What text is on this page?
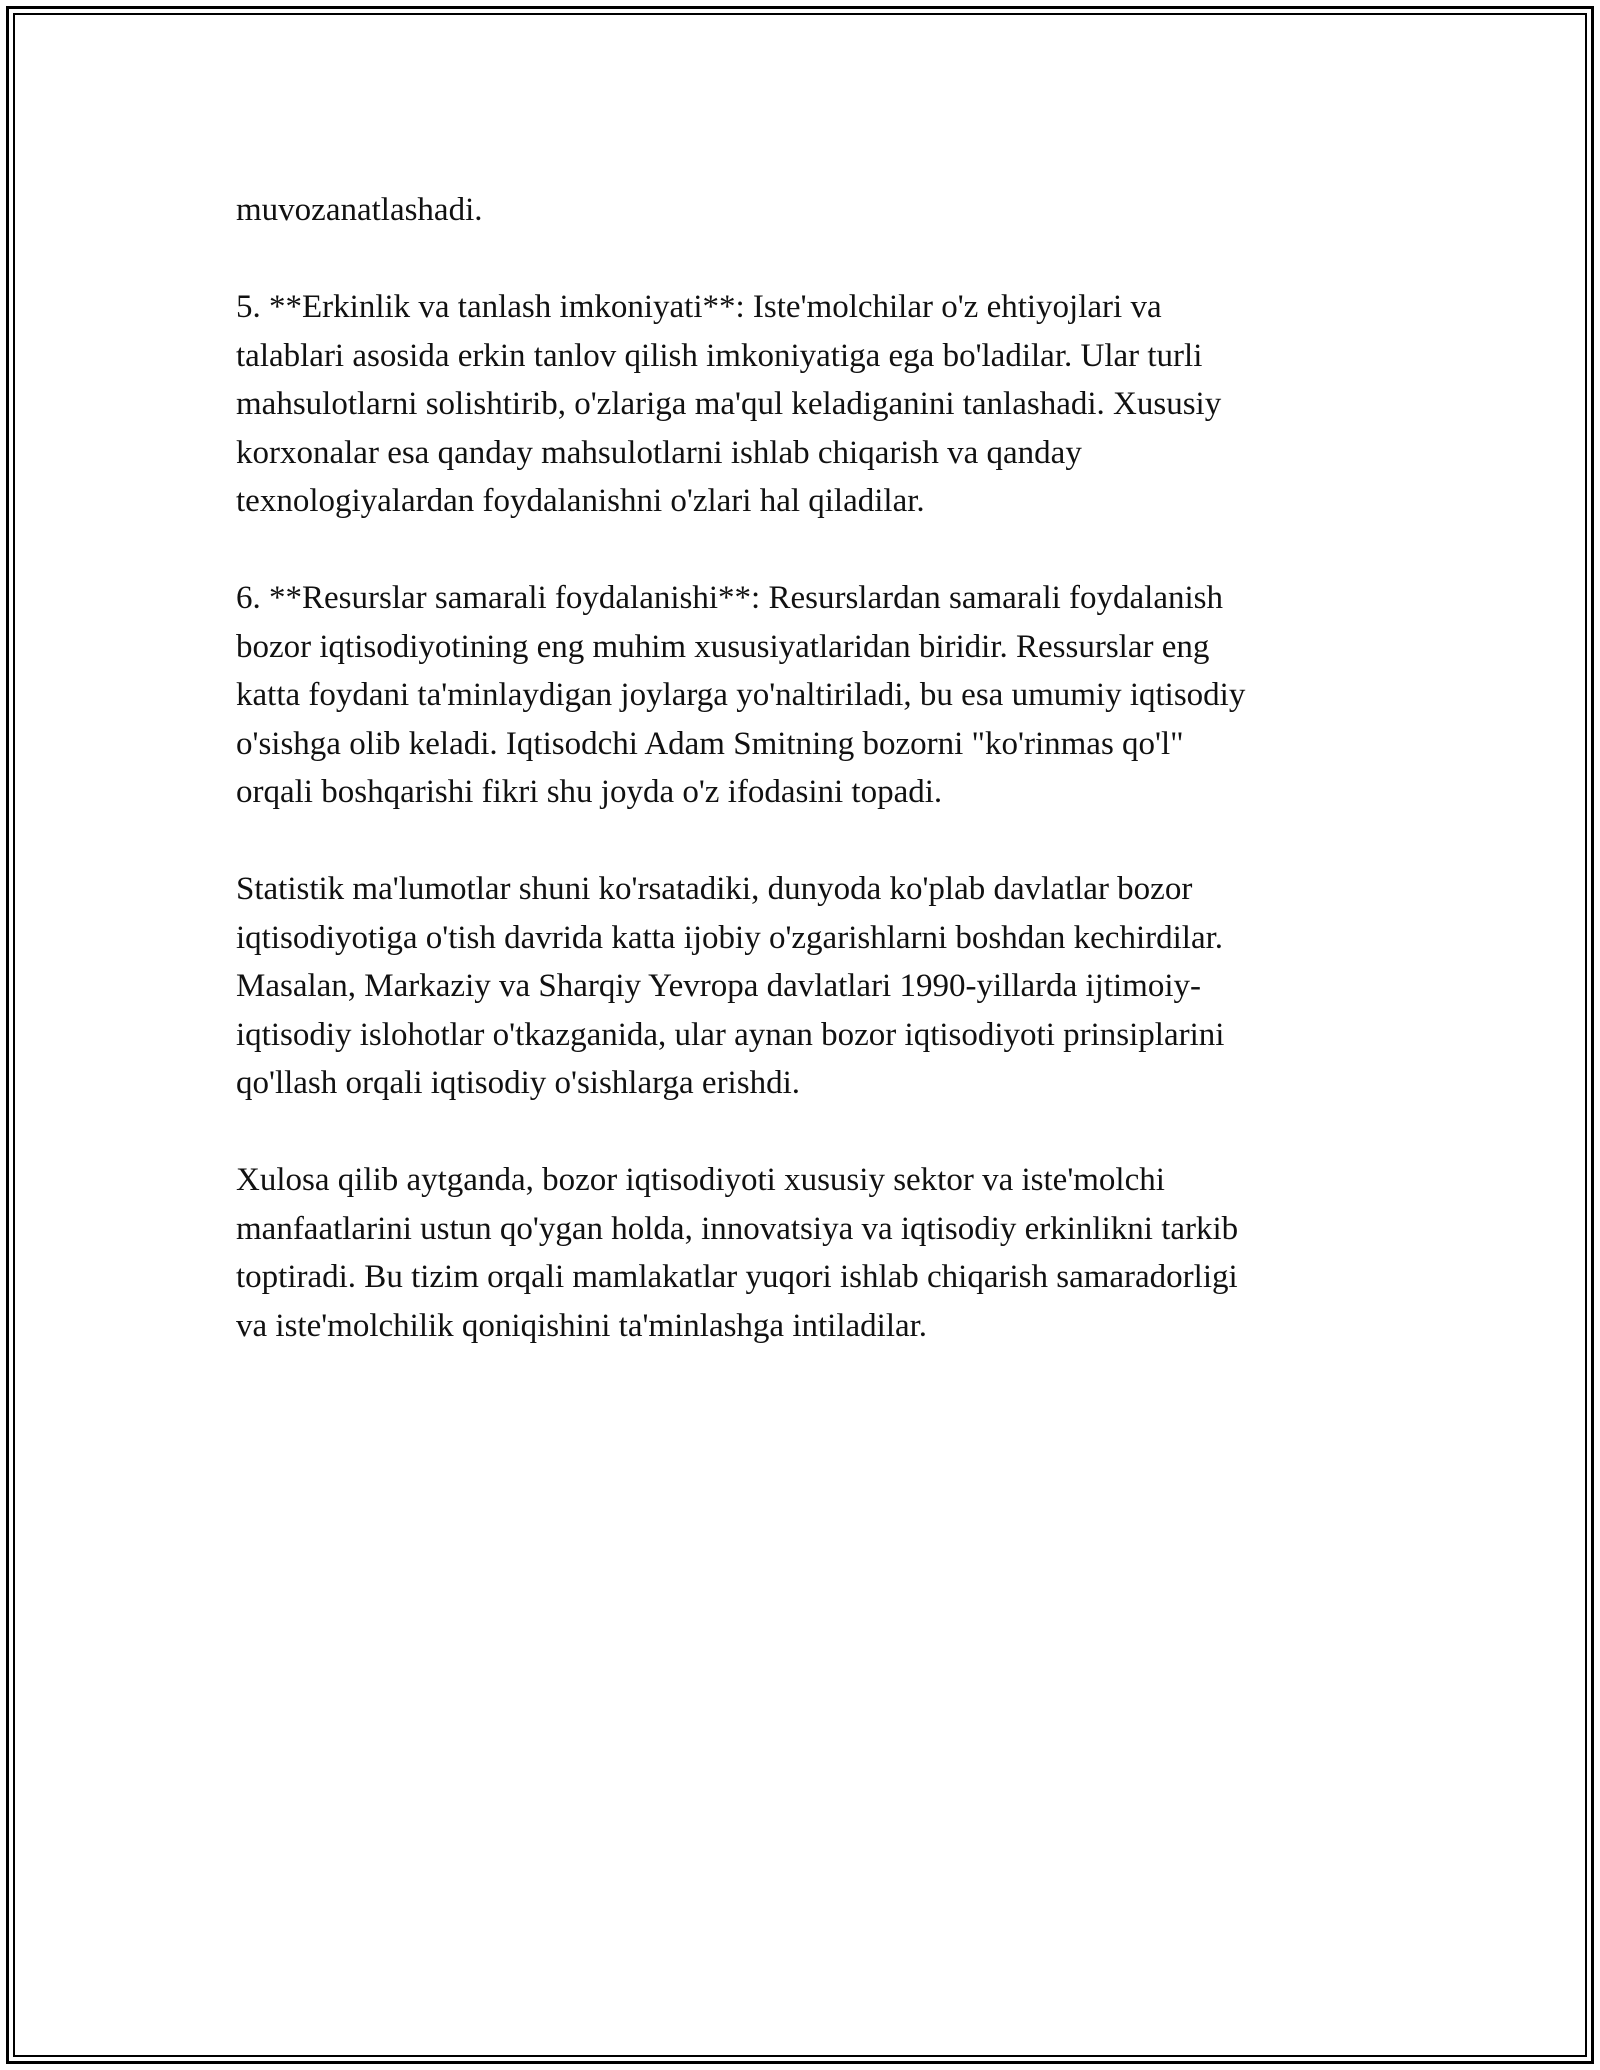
muvozanatlashadi.

5. **Erkinlik va tanlash imkoniyati**: Iste'molchilar o'z ehtiyojlari va
talablari asosida erkin tanlov qilish imkoniyatiga ega bo'ladilar. Ular turli
mahsulotlarni solishtirib, o'zlariga ma'qul keladiganini tanlashadi. Xususiy
korxonalar esa qanday mahsulotlarni ishlab chiqarish va qanday
texnologiyalardan foydalanishni o'zlari hal qiladilar.

6. **Resurslar samarali foydalanishi**: Resurslardan samarali foydalanish
bozor iqtisodiyotining eng muhim xususiyatlaridan biridir. Ressurslar eng
katta foydani ta'minlaydigan joylarga yo'naltiriladi, bu esa umumiy iqtisodiy
o'sishga olib keladi. Iqtisodchi Adam Smitning bozorni "ko'rinmas qo'l"
orqali boshqarishi fikri shu joyda o'z ifodasini topadi.

Statistik ma'lumotlar shuni ko'rsatadiki, dunyoda ko'plab davlatlar bozor
iqtisodiyotiga o'tish davrida katta ijobiy o'zgarishlarni boshdan kechirdilar.
Masalan, Markaziy va Sharqiy Yevropa davlatlari 1990-yillarda ijtimoiy-
iqtisodiy islohotlar o'tkazganida, ular aynan bozor iqtisodiyoti prinsiplarini
qo'llash orqali iqtisodiy o'sishlarga erishdi.

Xulosa qilib aytganda, bozor iqtisodiyoti xususiy sektor va iste'molchi
manfaatlarini ustun qo'ygan holda, innovatsiya va iqtisodiy erkinlikni tarkib
toptiradi. Bu tizim orqali mamlakatlar yuqori ishlab chiqarish samaradorligi
va iste'molchilik qoniqishini ta'minlashga intiladilar.
